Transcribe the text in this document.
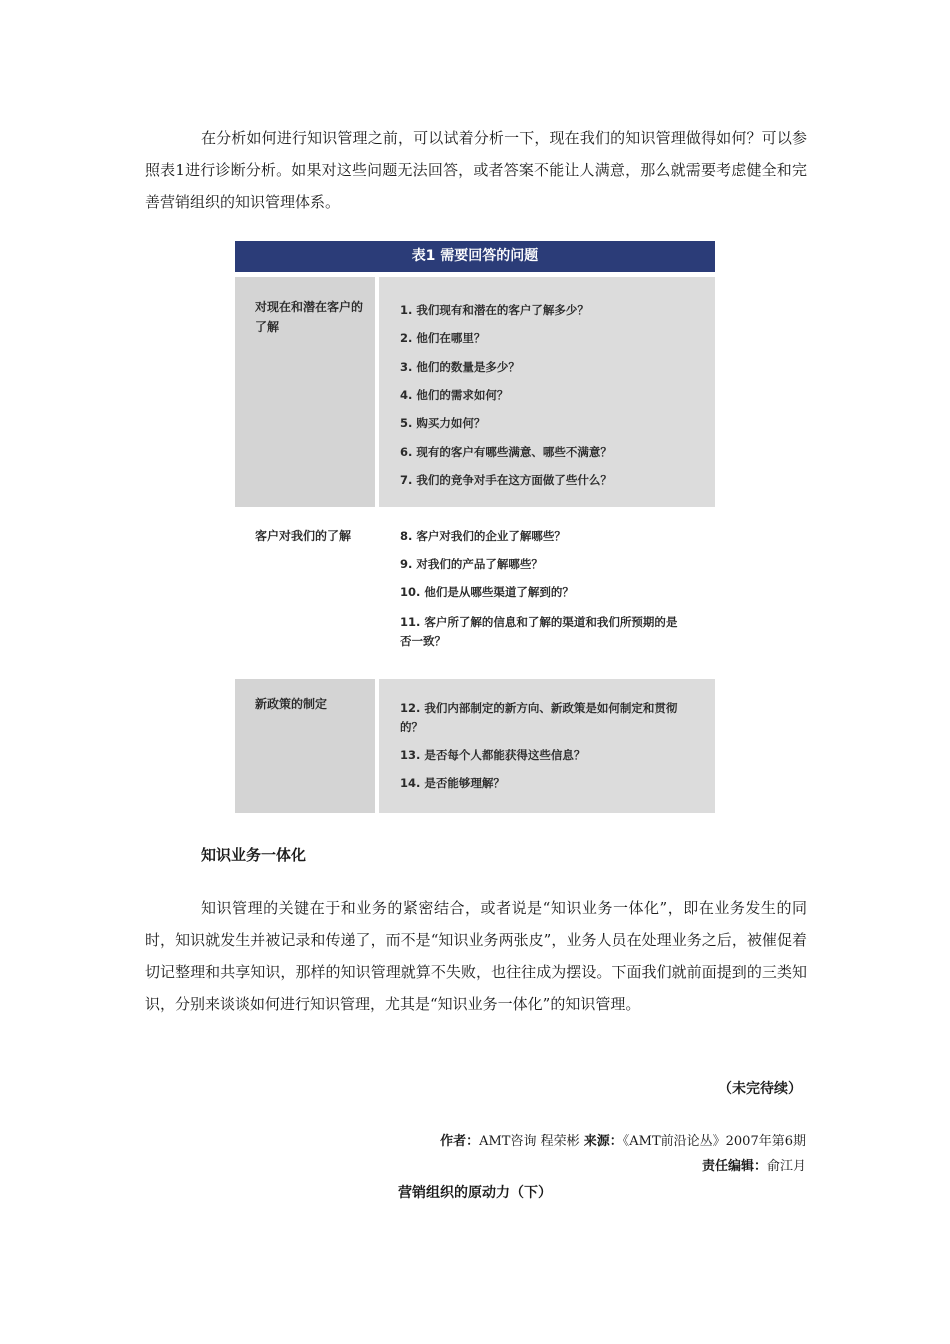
在分析如何进行知识管理之前，可以试着分析一下，现在我们的知识管理做得如何？可以参照表1进行诊断分析。如果对这些问题无法回答，或者答案不能让人满意，那么就需要考虑健全和完善营销组织的知识管理体系。

表1 需要回答的问题
对现在和潜在客户的了解
1. 我们现有和潜在的客户了解多少？
2. 他们在哪里？
3. 他们的数量是多少？
4. 他们的需求如何？
5. 购买力如何？
6. 现有的客户有哪些满意、哪些不满意？
7. 我们的竞争对手在这方面做了些什么？
客户对我们的了解	8. 客户对我们的企业了解哪些？
9. 对我们的产品了解哪些？
10. 他们是从哪些渠道了解到的？
11. 客户所了解的信息和了解的渠道和我们所预期的是否一致？
新政策的制定	12. 我们内部制定的新方向、新政策是如何制定和贯彻的？
13. 是否每个人都能获得这些信息？
14. 是否能够理解？

知识业务一体化

知识管理的关键在于和业务的紧密结合，或者说是“知识业务一体化”，即在业务发生的同时，知识就发生并被记录和传递了，而不是“知识业务两张皮”，业务人员在处理业务之后，被催促着切记整理和共享知识，那样的知识管理就算不失败，也往往成为摆设。下面我们就前面提到的三类知识，分别来谈谈如何进行知识管理，尤其是“知识业务一体化”的知识管理。

（未完待续）
作者：AMT咨询 程荣彬 来源：《AMT前沿论丛》2007年第6期
责任编辑：俞江月
营销组织的原动力（下）
